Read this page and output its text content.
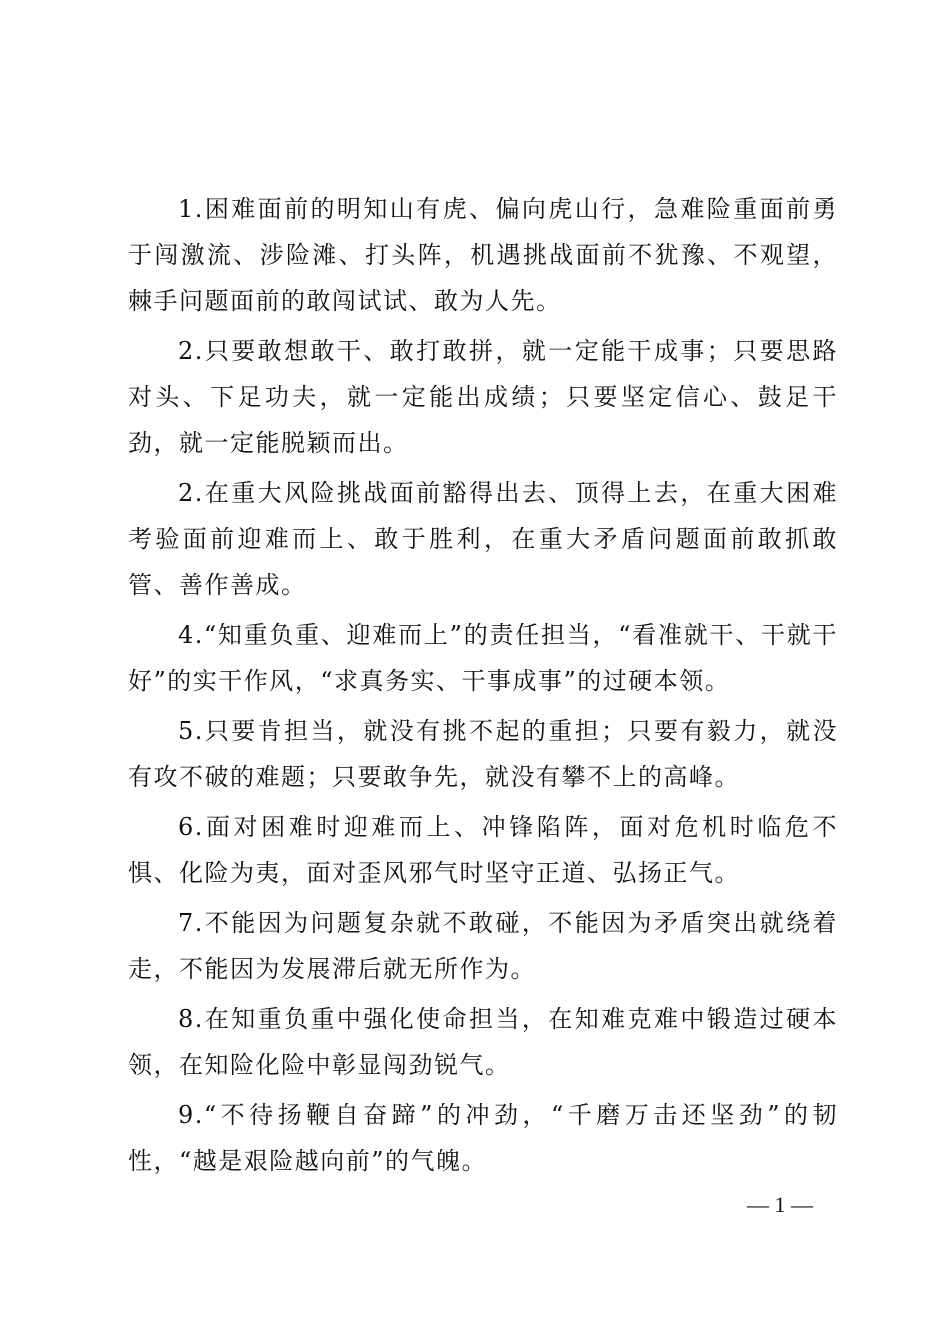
1.困难面前的明知山有虎、偏向虎山行，急难险重面前勇于闯激流、涉险滩、打头阵，机遇挑战面前不犹豫、不观望，棘手问题面前的敢闯试试、敢为人先。

2.只要敢想敢干、敢打敢拼，就一定能干成事；只要思路对头、下足功夫，就一定能出成绩；只要坚定信心、鼓足干劲，就一定能脱颖而出。

2.在重大风险挑战面前豁得出去、顶得上去，在重大困难考验面前迎难而上、敢于胜利，在重大矛盾问题面前敢抓敢管、善作善成。

4.“知重负重、迎难而上”的责任担当，“看准就干、干就干好”的实干作风，“求真务实、干事成事”的过硬本领。

5.只要肯担当，就没有挑不起的重担；只要有毅力，就没有攻不破的难题；只要敢争先，就没有攀不上的高峰。

6.面对困难时迎难而上、冲锋陷阵，面对危机时临危不惧、化险为夷，面对歪风邪气时坚守正道、弘扬正气。

7.不能因为问题复杂就不敢碰，不能因为矛盾突出就绕着走，不能因为发展滞后就无所作为。

8.在知重负重中强化使命担当，在知难克难中锻造过硬本领，在知险化险中彰显闯劲锐气。

9.“不待扬鞭自奋蹄”的冲劲，“千磨万击还坚劲”的韧性，“越是艰险越向前”的气魄。

— 1 —
